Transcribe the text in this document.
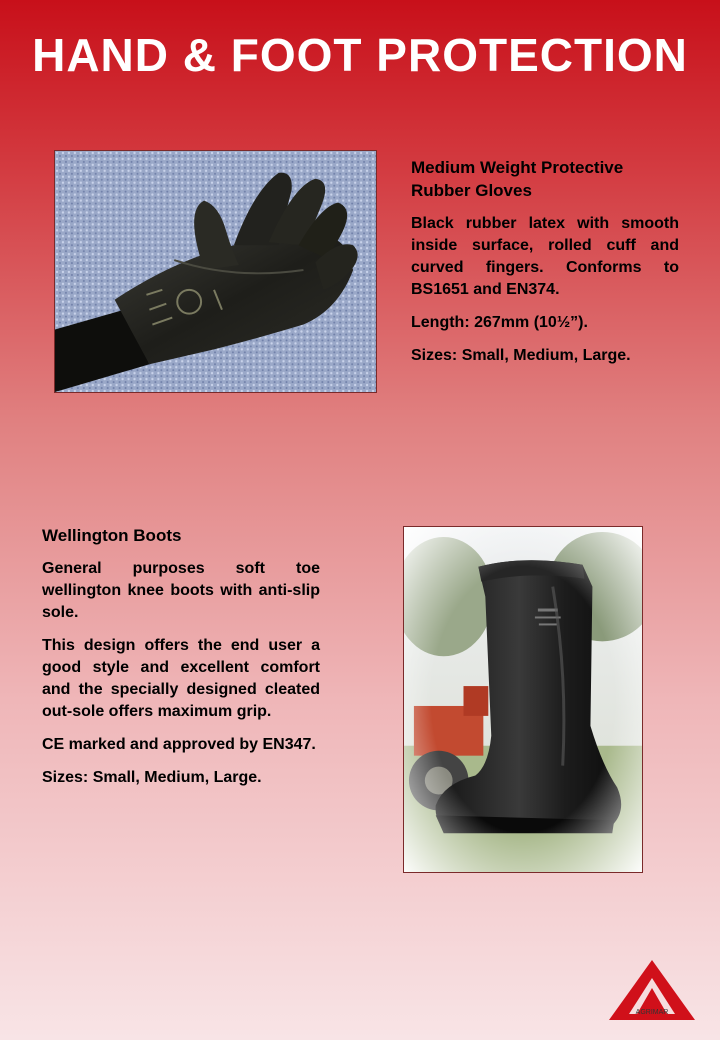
HAND & FOOT PROTECTION
Medium Weight Protective Rubber Gloves

Black rubber latex with smooth inside surface, rolled cuff and curved fingers. Conforms to BS1651 and EN374.

Length: 267mm (10½”).

Sizes: Small, Medium, Large.

Wellington Boots

General purposes soft toe wellington knee boots with anti-slip sole.

This design offers the end user a good style and excellent comfort and the specially designed cleated out-sole offers maximum grip.

CE marked and approved by EN347.

Sizes: Small, Medium, Large.

AGRIMAR
